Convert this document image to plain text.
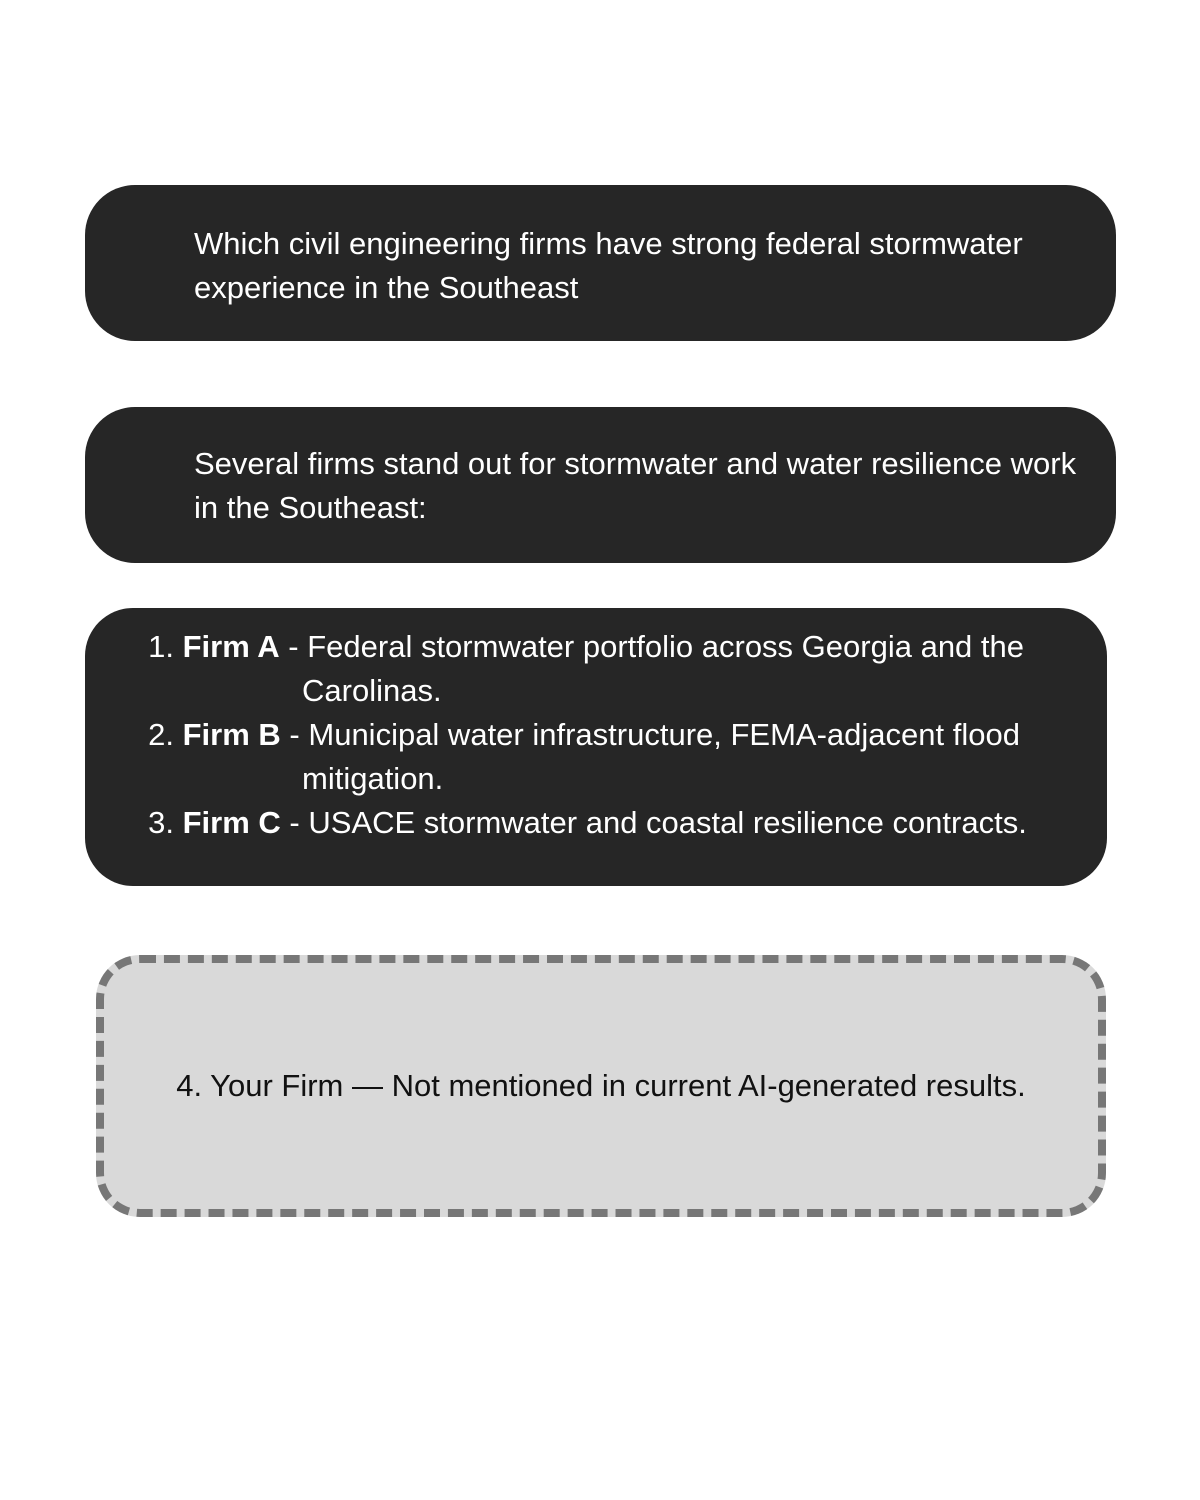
Which civil engineering firms have strong federal stormwater experience in the Southeast
Several firms stand out for stormwater and water resilience work in the Southeast:
1. Firm A - Federal stormwater portfolio across Georgia and the Carolinas.
2. Firm B - Municipal water infrastructure, FEMA-adjacent flood mitigation.
3. Firm C - USACE stormwater and coastal resilience contracts.
4. Your Firm — Not mentioned in current AI-generated results.
